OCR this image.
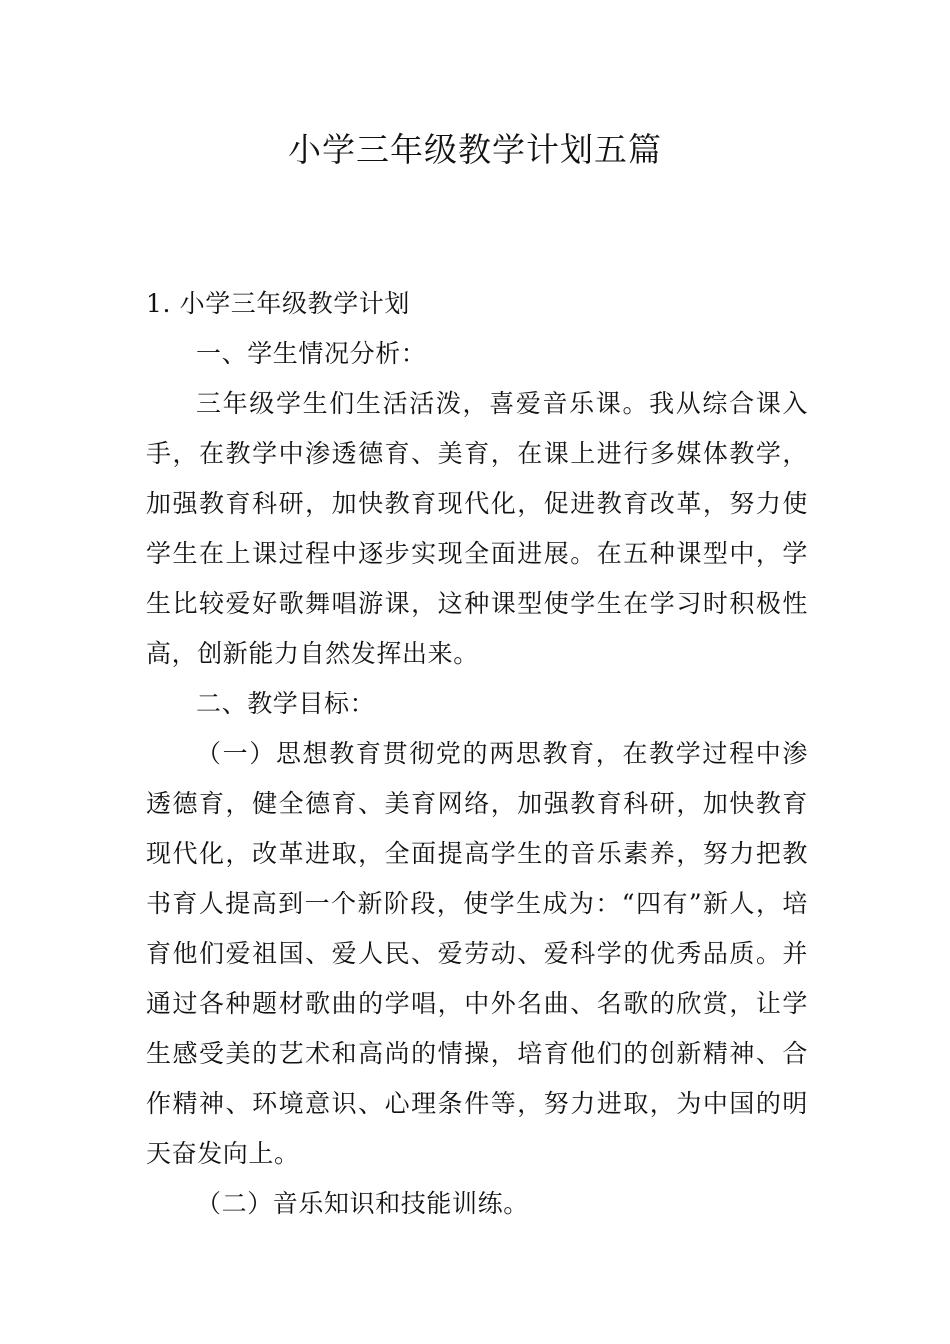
小学三年级教学计划五篇

1. 小学三年级教学计划

一、学生情况分析：

三年级学生们生活活泼，喜爱音乐课。我从综合课入手，在教学中渗透德育、美育，在课上进行多媒体教学，加强教育科研，加快教育现代化，促进教育改革，努力使学生在上课过程中逐步实现全面进展。在五种课型中，学生比较爱好歌舞唱游课，这种课型使学生在学习时积极性高，创新能力自然发挥出来。

二、教学目标：

（一）思想教育贯彻党的两思教育，在教学过程中渗透德育，健全德育、美育网络，加强教育科研，加快教育现代化，改革进取，全面提高学生的音乐素养，努力把教书育人提高到一个新阶段，使学生成为：“四有”新人，培育他们爱祖国、爱人民、爱劳动、爱科学的优秀品质。并通过各种题材歌曲的学唱，中外名曲、名歌的欣赏，让学生感受美的艺术和高尚的情操，培育他们的创新精神、合作精神、环境意识、心理条件等，努力进取，为中国的明天奋发向上。

（二）音乐知识和技能训练。
